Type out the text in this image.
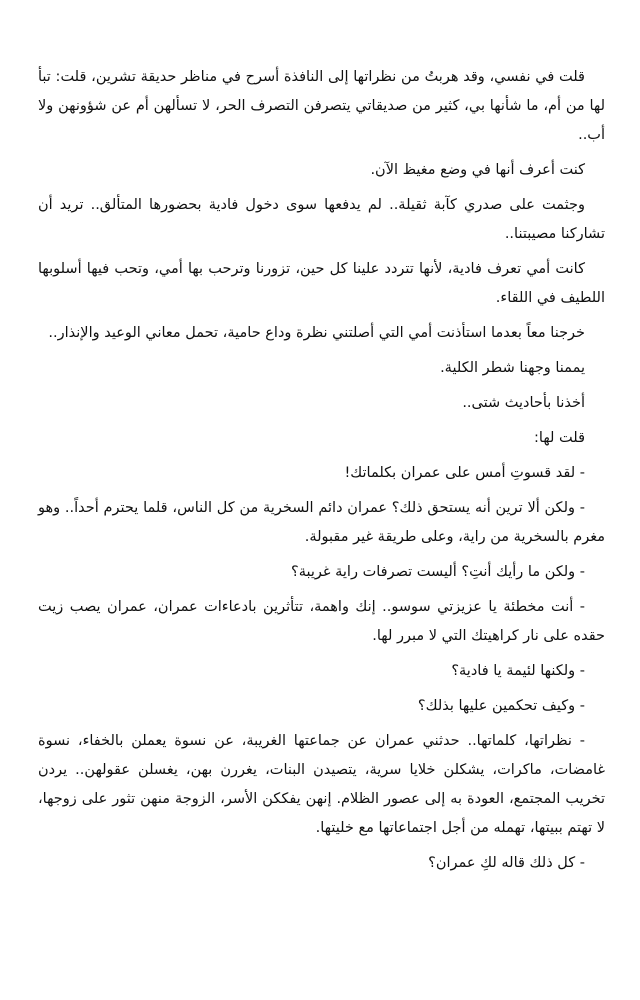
قلت في نفسي، وقد هربتُ من نظراتها إلى النافذة أسرح في مناظر حديقة تشرين، قلت: تبأ لها من أم، ما شأنها بي، كثير من صديقاتي يتصرفن التصرف الحر، لا تسألهن أم عن شؤونهن ولا أب..

كنت أعرف أنها في وضع مغيظ الآن.

وجثمت على صدري كآبة ثقيلة.. لم يدفعها سوى دخول فادية بحضورها المتألق.. تريد أن تشاركنا مصيبتنا..

كانت أمي تعرف فادية، لأنها تتردد علينا كل حين، تزورنا وترحب بها أمي، وتحب فيها أسلوبها اللطيف في اللقاء.

خرجنا معاً بعدما استأذنت أمي التي أصلتني نظرة وداع حامية، تحمل معاني الوعيد والإنذار..

يممنا وجهنا شطر الكلية.

أخذنا بأحاديث شتى..

قلت لها:

- لقد قسوتِ أمس على عمران بكلماتك!

- ولكن ألا ترين أنه يستحق ذلك؟ عمران دائم السخرية من كل الناس، قلما يحترم أحداً.. وهو مغرم بالسخرية من راية، وعلى طريقة غير مقبولة.

- ولكن ما رأيك أنتِ؟ أليست تصرفات راية غريبة؟

- أنت مخطئة يا عزيزتي سوسو.. إنك واهمة، تتأثرين بادعاءات عمران، عمران يصب زيت حقده على نار كراهيتك التي لا مبرر لها.

- ولكنها لئيمة يا فادية؟

- وكيف تحكمين عليها بذلك؟

- نظراتها، كلماتها.. حدثني عمران عن جماعتها الغريبة، عن نسوة يعملن بالخفاء، نسوة غامضات، ماكرات، يشكلن خلايا سرية، يتصيدن البنات، يغررن بهن، يغسلن عقولهن.. يردن تخريب المجتمع، العودة به إلى عصور الظلام. إنهن يفككن الأسر، الزوجة منهن تثور على زوجها، لا تهتم ببيتها، تهمله من أجل اجتماعاتها مع خليتها.

- كل ذلك قاله لكِ عمران؟
